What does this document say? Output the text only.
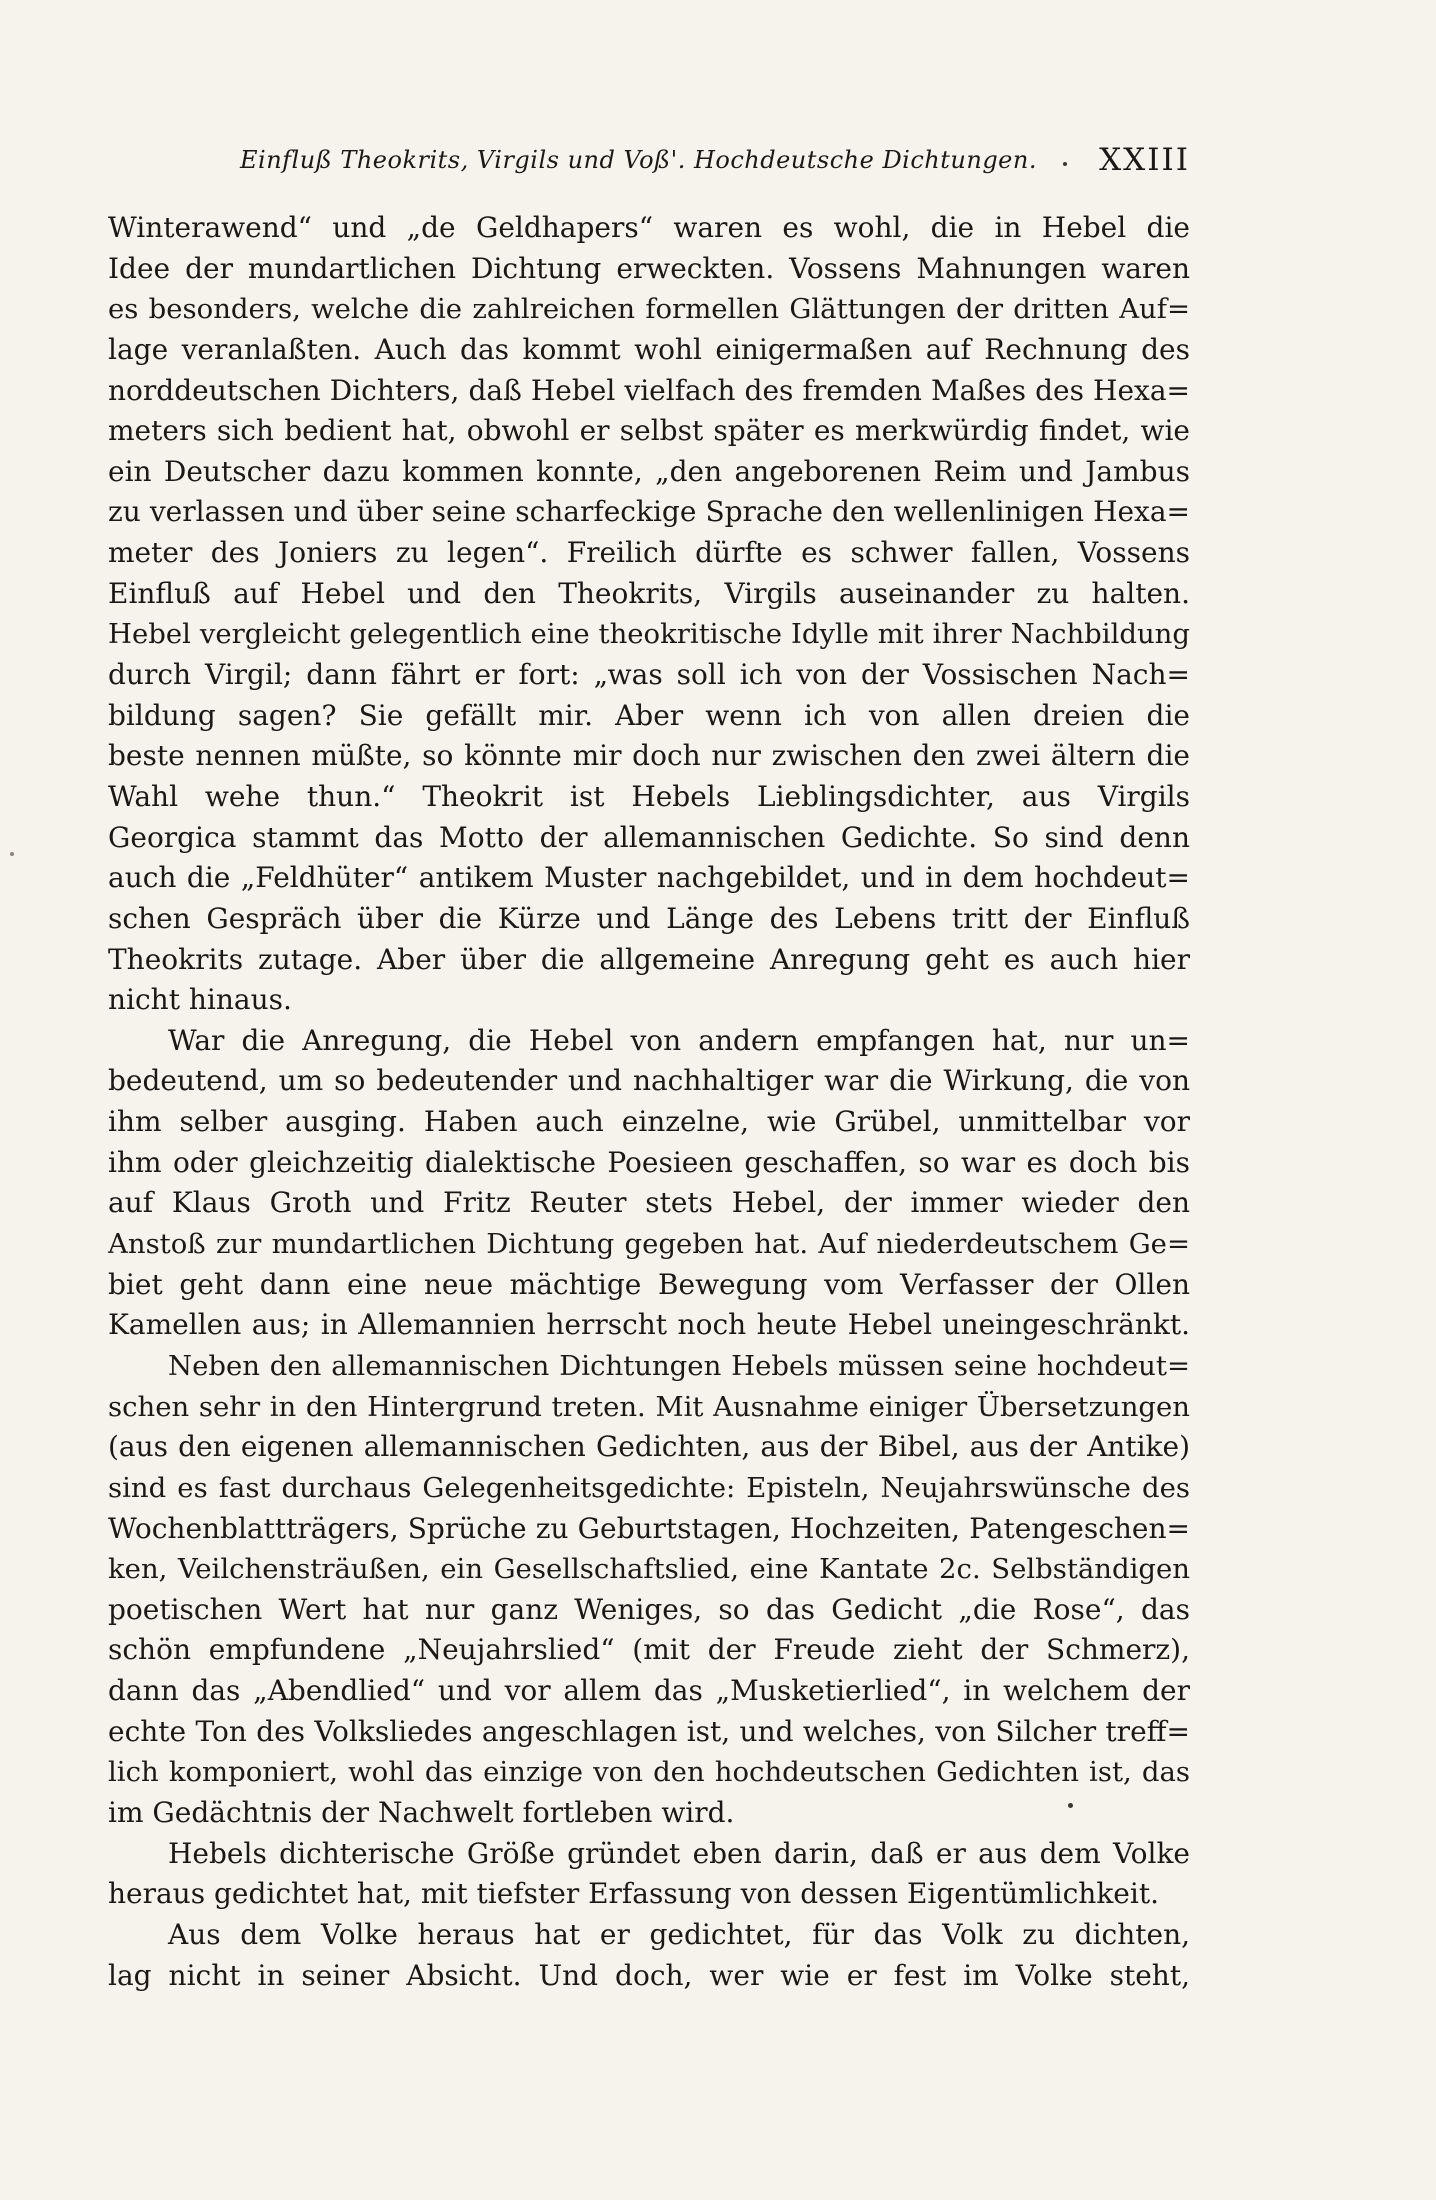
Einfluß Theokrits, Virgils und Voß'. Hochdeutsche Dichtungen. XXIII
Winterawend“ und „de Geldhapers“ waren es wohl, die in Hebel die
Idee der mundartlichen Dichtung erweckten. Vossens Mahnungen waren
es besonders, welche die zahlreichen formellen Glättungen der dritten Auf=
lage veranlaßten. Auch das kommt wohl einigermaßen auf Rechnung des
norddeutschen Dichters, daß Hebel vielfach des fremden Maßes des Hexa=
meters sich bedient hat, obwohl er selbst später es merkwürdig findet, wie
ein Deutscher dazu kommen konnte, „den angeborenen Reim und Jambus
zu verlassen und über seine scharfeckige Sprache den wellenlinigen Hexa=
meter des Joniers zu legen“. Freilich dürfte es schwer fallen, Vossens
Einfluß auf Hebel und den Theokrits, Virgils auseinander zu halten.
Hebel vergleicht gelegentlich eine theokritische Idylle mit ihrer Nachbildung
durch Virgil; dann fährt er fort: „was soll ich von der Vossischen Nach=
bildung sagen? Sie gefällt mir. Aber wenn ich von allen dreien die
beste nennen müßte, so könnte mir doch nur zwischen den zwei ältern die
Wahl wehe thun.“ Theokrit ist Hebels Lieblingsdichter, aus Virgils
Georgica stammt das Motto der allemannischen Gedichte. So sind denn
auch die „Feldhüter“ antikem Muster nachgebildet, und in dem hochdeut=
schen Gespräch über die Kürze und Länge des Lebens tritt der Einfluß
Theokrits zutage. Aber über die allgemeine Anregung geht es auch hier
nicht hinaus.
War die Anregung, die Hebel von andern empfangen hat, nur un=
bedeutend, um so bedeutender und nachhaltiger war die Wirkung, die von
ihm selber ausging. Haben auch einzelne, wie Grübel, unmittelbar vor
ihm oder gleichzeitig dialektische Poesieen geschaffen, so war es doch bis
auf Klaus Groth und Fritz Reuter stets Hebel, der immer wieder den
Anstoß zur mundartlichen Dichtung gegeben hat. Auf niederdeutschem Ge=
biet geht dann eine neue mächtige Bewegung vom Verfasser der Ollen
Kamellen aus; in Allemannien herrscht noch heute Hebel uneingeschränkt.
Neben den allemannischen Dichtungen Hebels müssen seine hochdeut=
schen sehr in den Hintergrund treten. Mit Ausnahme einiger Übersetzungen
(aus den eigenen allemannischen Gedichten, aus der Bibel, aus der Antike)
sind es fast durchaus Gelegenheitsgedichte: Episteln, Neujahrswünsche des
Wochenblattträgers, Sprüche zu Geburtstagen, Hochzeiten, Patengeschen=
ken, Veilchensträußen, ein Gesellschaftslied, eine Kantate 2c. Selbständigen
poetischen Wert hat nur ganz Weniges, so das Gedicht „die Rose“, das
schön empfundene „Neujahrslied“ (mit der Freude zieht der Schmerz),
dann das „Abendlied“ und vor allem das „Musketierlied“, in welchem der
echte Ton des Volksliedes angeschlagen ist, und welches, von Silcher treff=
lich komponiert, wohl das einzige von den hochdeutschen Gedichten ist, das
im Gedächtnis der Nachwelt fortleben wird.
Hebels dichterische Größe gründet eben darin, daß er aus dem Volke
heraus gedichtet hat, mit tiefster Erfassung von dessen Eigentümlichkeit.
Aus dem Volke heraus hat er gedichtet, für das Volk zu dichten,
lag nicht in seiner Absicht. Und doch, wer wie er fest im Volke steht,
